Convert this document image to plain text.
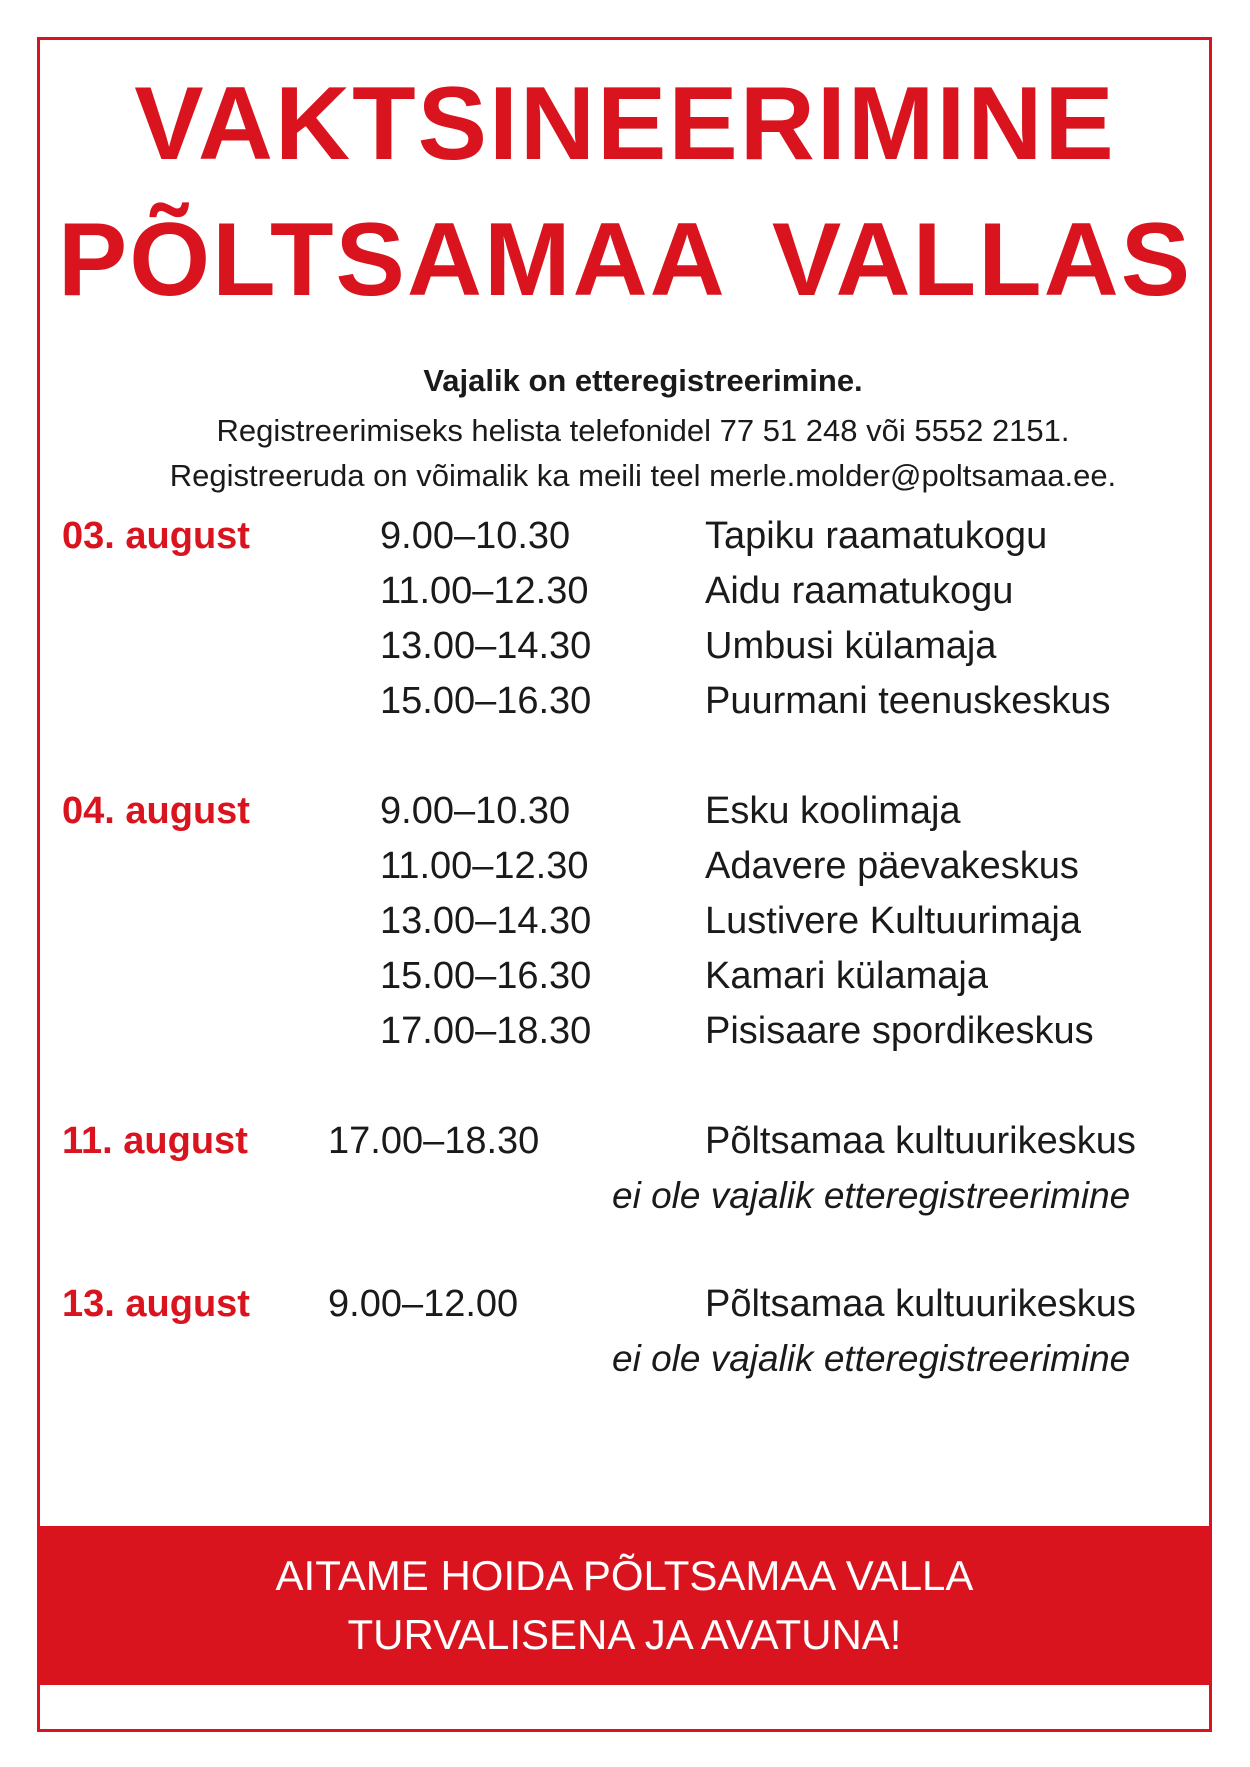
VAKTSINEERIMINE
PÕLTSAMAA VALLAS
Vajalik on etteregistreerimine.
Registreerimiseks helista telefonidel 77 51 248 või 5552 2151.
Registreeruda on võimalik ka meili teel merle.molder@poltsamaa.ee.
03. august	9.00–10.30	Tapiku raamatukogu
11.00–12.30	Aidu raamatukogu
13.00–14.30	Umbusi külamaja
15.00–16.30	Puurmani teenuskeskus
04. august	9.00–10.30	Esku koolimaja
11.00–12.30	Adavere päevakeskus
13.00–14.30	Lustivere Kultuurimaja
15.00–16.30	Kamari külamaja
17.00–18.30	Pisisaare spordikeskus
11. august 17.00–18.30	Põltsamaa kultuurikeskus
ei ole vajalik etteregistreerimine
13. august 9.00–12.00	Põltsamaa kultuurikeskus
ei ole vajalik etteregistreerimine
AITAME HOIDA PÕLTSAMAA VALLA
TURVALISENA JA AVATUNA!
